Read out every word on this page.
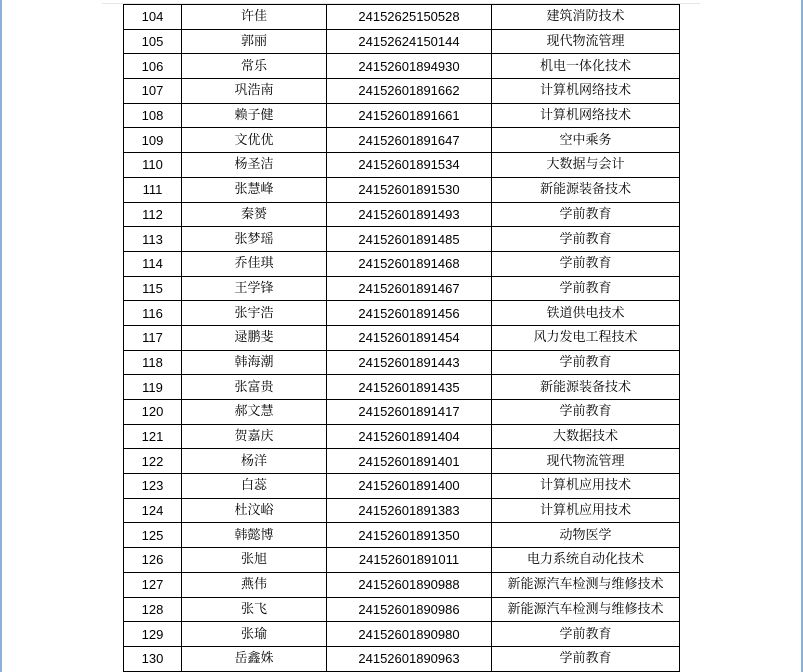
104	许佳	24152625150528	建筑消防技术
105	郭丽	24152624150144	现代物流管理
106	常乐	24152601894930	机电一体化技术
107	巩浩南	24152601891662	计算机网络技术
108	赖子健	24152601891661	计算机网络技术
109	文优优	24152601891647	空中乘务
110	杨圣洁	24152601891534	大数据与会计
111	张慧峰	24152601891530	新能源装备技术
112	秦赟	24152601891493	学前教育
113	张梦瑶	24152601891485	学前教育
114	乔佳琪	24152601891468	学前教育
115	王学锋	24152601891467	学前教育
116	张宇浩	24152601891456	铁道供电技术
117	逯鹏斐	24152601891454	风力发电工程技术
118	韩海潮	24152601891443	学前教育
119	张富贵	24152601891435	新能源装备技术
120	郝文慧	24152601891417	学前教育
121	贺嘉庆	24152601891404	大数据技术
122	杨洋	24152601891401	现代物流管理
123	白蕊	24152601891400	计算机应用技术
124	杜汶峪	24152601891383	计算机应用技术
125	韩懿博	24152601891350	动物医学
126	张旭	24152601891011	电力系统自动化技术
127	燕伟	24152601890988	新能源汽车检测与维修技术
128	张飞	24152601890986	新能源汽车检测与维修技术
129	张瑜	24152601890980	学前教育
130	岳鑫姝	24152601890963	学前教育
